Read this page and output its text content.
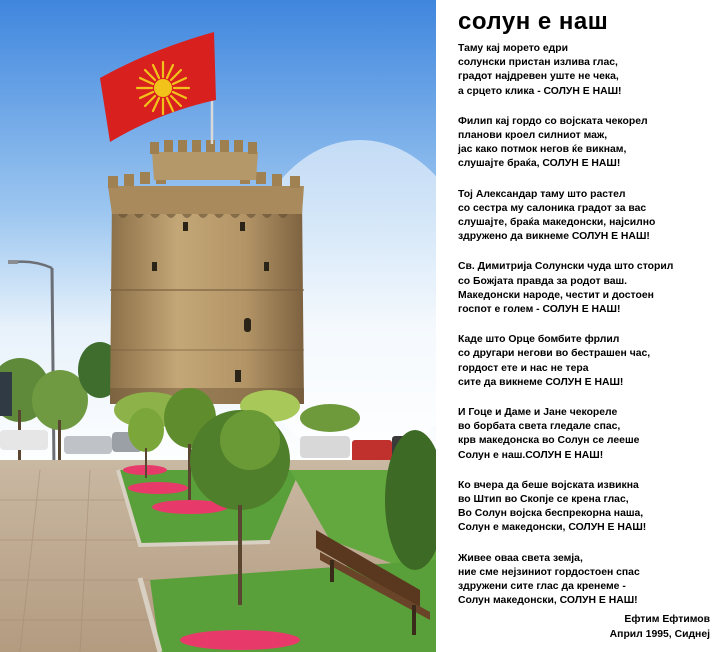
солун е наш
Таму кај морето едри
солунски пристан излива глас,
градот најдревен уште не чека,
а срцето клика - СОЛУН Е НАШ!
Филип кај гордо со војската чекорел
планови кроел силниот маж,
јас како потмок негов ќе викнам,
слушајте браќа, СОЛУН Е НАШ!
Тој Александар таму што растел
со сестра му салоника градот за вас
слушајте, браќа македонски, најсилно
здружено да викнеме СОЛУН Е НАШ!
Св. Димитрија Солунски чуда што сторил
со Божјата правда за родот ваш.
Македонски народе, честит и достоен
госпот е голем - СОЛУН Е НАШ!
Каде што Орце бомбите фрлил
со другари негови во бестрашен час,
гордост ете и нас не тера
сите да викнеме СОЛУН Е НАШ!
И Гоце и Даме и Јане чекореле
во борбата света гледале спас,
крв македонска во Солун се лееше
Солун е наш.СОЛУН Е НАШ!
Ко вчера да беше војската извикна
во Штип во Скопје се крена глас,
Во Солун војска беспрекорна наша,
Солун е македонски, СОЛУН Е НАШ!
Живее оваа света земја,
ние сме нејзиниот гордостоен спас
здружени сите глас да кренеме -
Солун македонски, СОЛУН Е НАШ!
Ефтим Ефтимов
Април 1995, Сиднеј
